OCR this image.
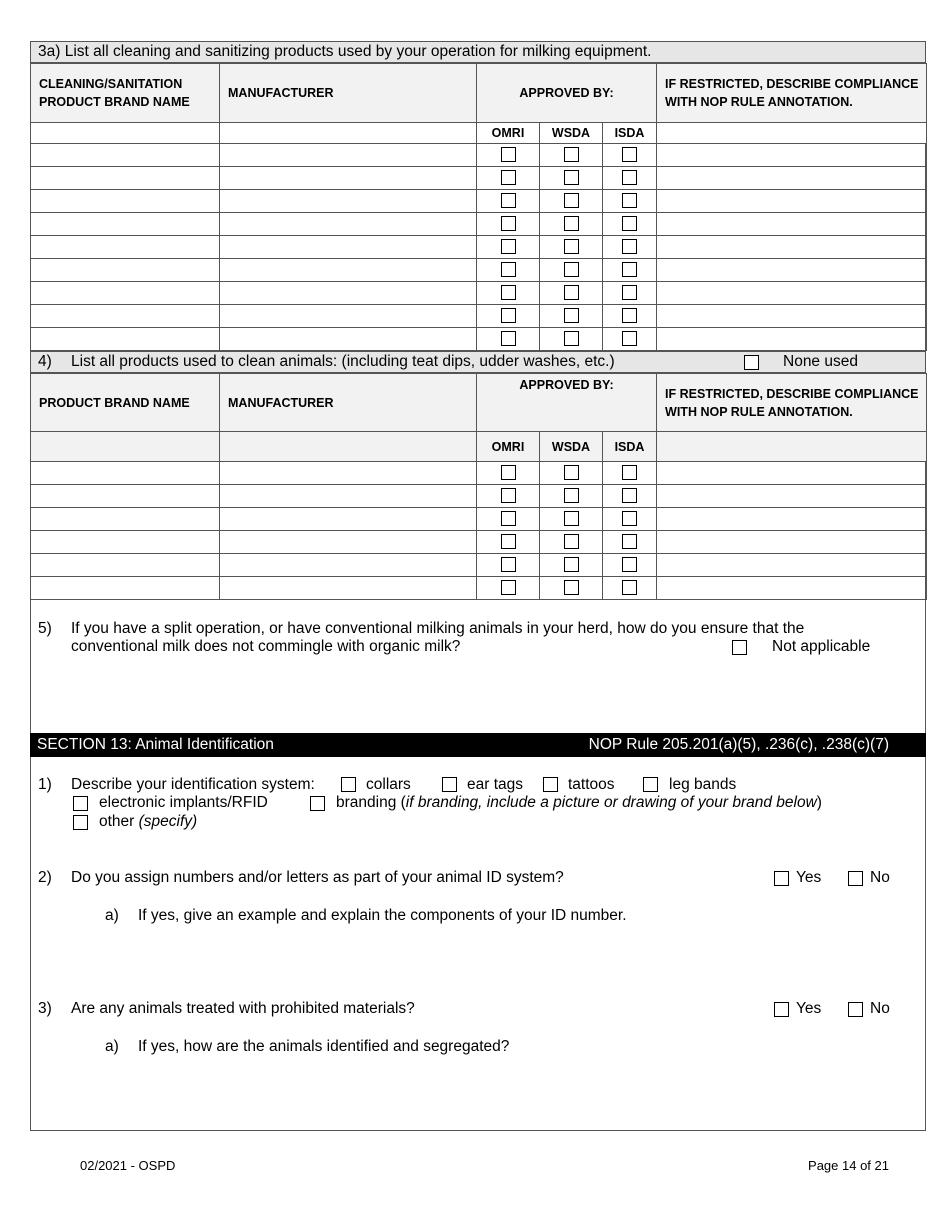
3a) List all cleaning and sanitizing products used by your operation for milking equipment.
CLEANING/SANITATION PRODUCT BRAND NAME	MANUFACTURER	APPROVED BY:			IF RESTRICTED, DESCRIBE COMPLIANCE WITH NOP RULE ANNOTATION.

		OMRI	WSDA	ISDA	

4) List all products used to clean animals: (including teat dips, udder washes, etc.)	None used
PRODUCT BRAND NAME	MANUFACTURER	APPROVED BY:			IF RESTRICTED, DESCRIBE COMPLIANCE WITH NOP RULE ANNOTATION.

		OMRI	WSDA	ISDA	

5) If you have a split operation, or have conventional milking animals in your herd, how do you ensure that the
conventional milk does not commingle with organic milk?	Not applicable
SECTION 13: Animal Identification	NOP Rule 205.201(a)(5), .236(c), .238(c)(7)
1) Describe your identification system:	collars	ear tags	tattoos	leg bands
electronic implants/RFID	branding (if branding, include a picture or drawing of your brand below)
other (specify)
2) Do you assign numbers and/or letters as part of your animal ID system?	Yes	No
a) If yes, give an example and explain the components of your ID number.
3) Are any animals treated with prohibited materials?	Yes	No
a) If yes, how are the animals identified and segregated?
02/2021 - OSPD	Page 14 of 21
